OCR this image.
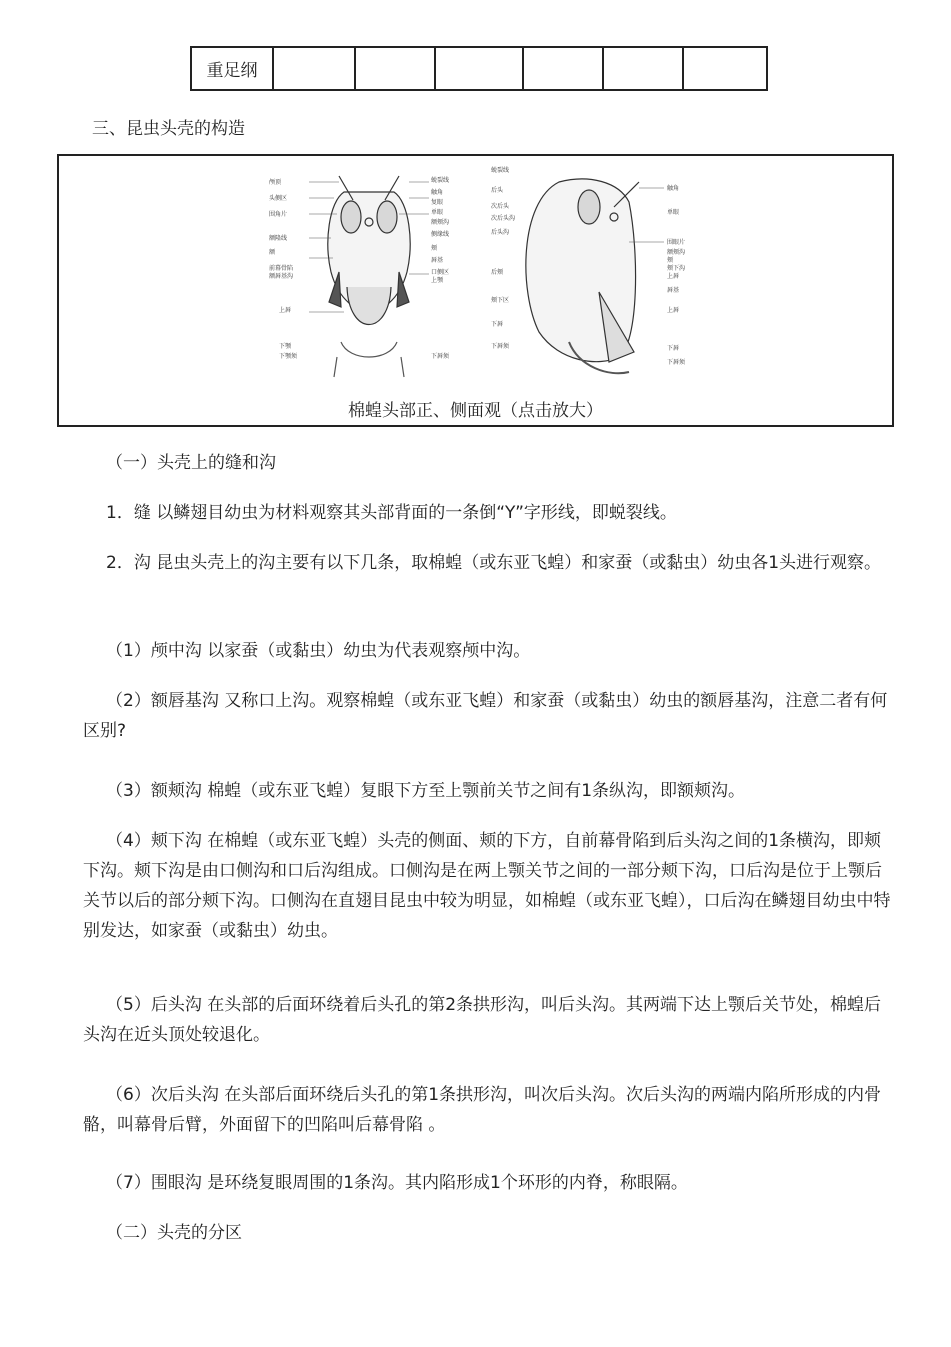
重足纲						
三、昆虫头壳的构造
颅顶
头侧区
围角片
额隆线
额
前幕骨陷
额唇基沟
上唇
下颚
下颚须
蜕裂线
触角
复眼
单眼
额颊沟
侧缘线
颊
唇基
口侧区
上颚
下唇须
蜕裂线
后头
次后头
次后头沟
后头沟
后颊
颊下区
下唇
下唇须
触角
单眼
围眼片
额颊沟
颊
颊下沟
上唇
唇基
上唇
下唇
下唇须
棉蝗头部正、侧面观（点击放大）

（一）头壳上的缝和沟

1．缝 以鳞翅目幼虫为材料观察其头部背面的一条倒“Y”字形线，即蜕裂线。

2．沟 昆虫头壳上的沟主要有以下几条，取棉蝗（或东亚飞蝗）和家蚕（或黏虫）幼虫各1头进行观察。

（1）颅中沟 以家蚕（或黏虫）幼虫为代表观察颅中沟。

（2）额唇基沟 又称口上沟。观察棉蝗（或东亚飞蝗）和家蚕（或黏虫）幼虫的额唇基沟，注意二者有何区别?

（3）额颊沟 棉蝗（或东亚飞蝗）复眼下方至上颚前关节之间有1条纵沟，即额颊沟。

（4）颊下沟 在棉蝗（或东亚飞蝗）头壳的侧面、颊的下方，自前幕骨陷到后头沟之间的1条横沟，即颊下沟。颊下沟是由口侧沟和口后沟组成。口侧沟是在两上颚关节之间的一部分颊下沟，口后沟是位于上颚后关节以后的部分颊下沟。口侧沟在直翅目昆虫中较为明显，如棉蝗（或东亚飞蝗），口后沟在鳞翅目幼虫中特别发达，如家蚕（或黏虫）幼虫。

（5）后头沟 在头部的后面环绕着后头孔的第2条拱形沟，叫后头沟。其两端下达上颚后关节处，棉蝗后头沟在近头顶处较退化。

（6）次后头沟 在头部后面环绕后头孔的第1条拱形沟，叫次后头沟。次后头沟的两端内陷所形成的内骨骼，叫幕骨后臂，外面留下的凹陷叫后幕骨陷 。

（7）围眼沟 是环绕复眼周围的1条沟。其内陷形成1个环形的内脊，称眼隔。

（二）头壳的分区
